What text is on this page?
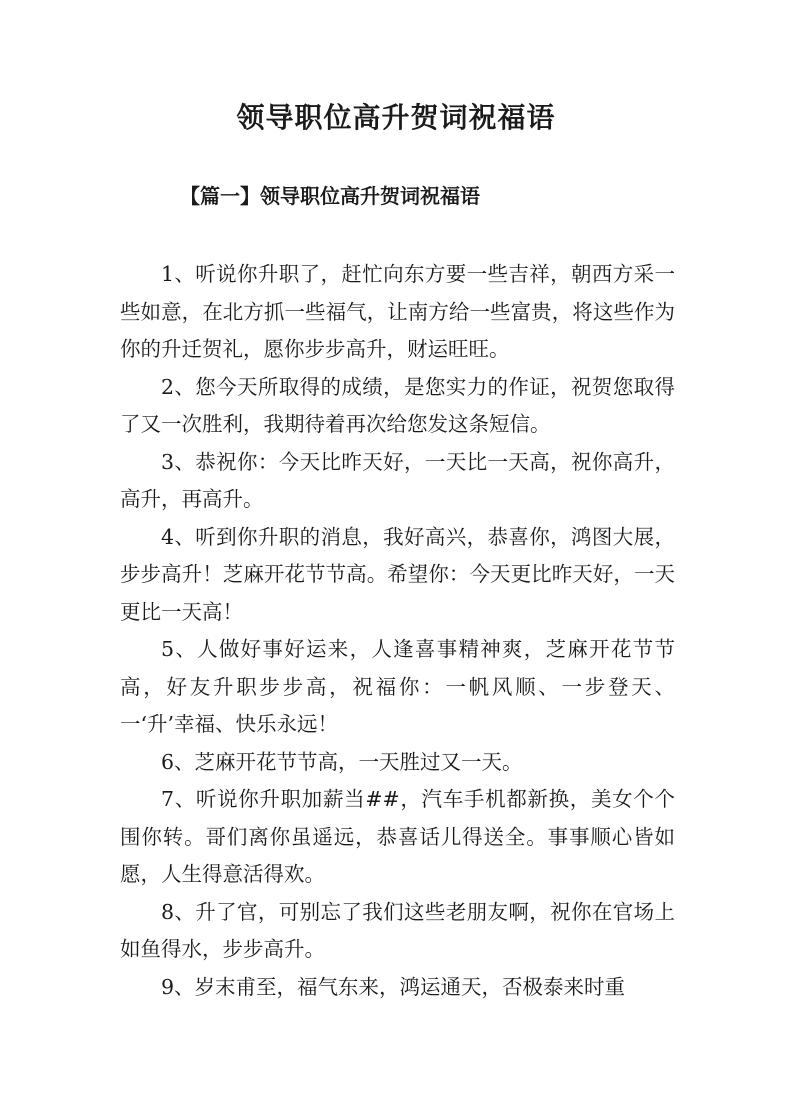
领导职位高升贺词祝福语
【篇一】领导职位高升贺词祝福语

1、听说你升职了，赶忙向东方要一些吉祥，朝西方采一些如意，在北方抓一些福气，让南方给一些富贵，将这些作为你的升迁贺礼，愿你步步高升，财运旺旺。

2、您今天所取得的成绩，是您实力的作证，祝贺您取得了又一次胜利，我期待着再次给您发这条短信。

3、恭祝你：今天比昨天好，一天比一天高，祝你高升，高升，再高升。

4、听到你升职的消息，我好高兴，恭喜你，鸿图大展，步步高升！芝麻开花节节高。希望你：今天更比昨天好，一天更比一天高！

5、人做好事好运来，人逢喜事精神爽，芝麻开花节节高，好友升职步步高，祝福你：一帆风顺、一步登天、一‘升’幸福、快乐永远！

6、芝麻开花节节高，一天胜过又一天。

7、听说你升职加薪当##，汽车手机都新换，美女个个围你转。哥们离你虽遥远，恭喜话儿得送全。事事顺心皆如愿，人生得意活得欢。

8、升了官，可别忘了我们这些老朋友啊，祝你在官场上如鱼得水，步步高升。

9、岁末甫至，福气东来，鸿运通天，否极泰来时重
